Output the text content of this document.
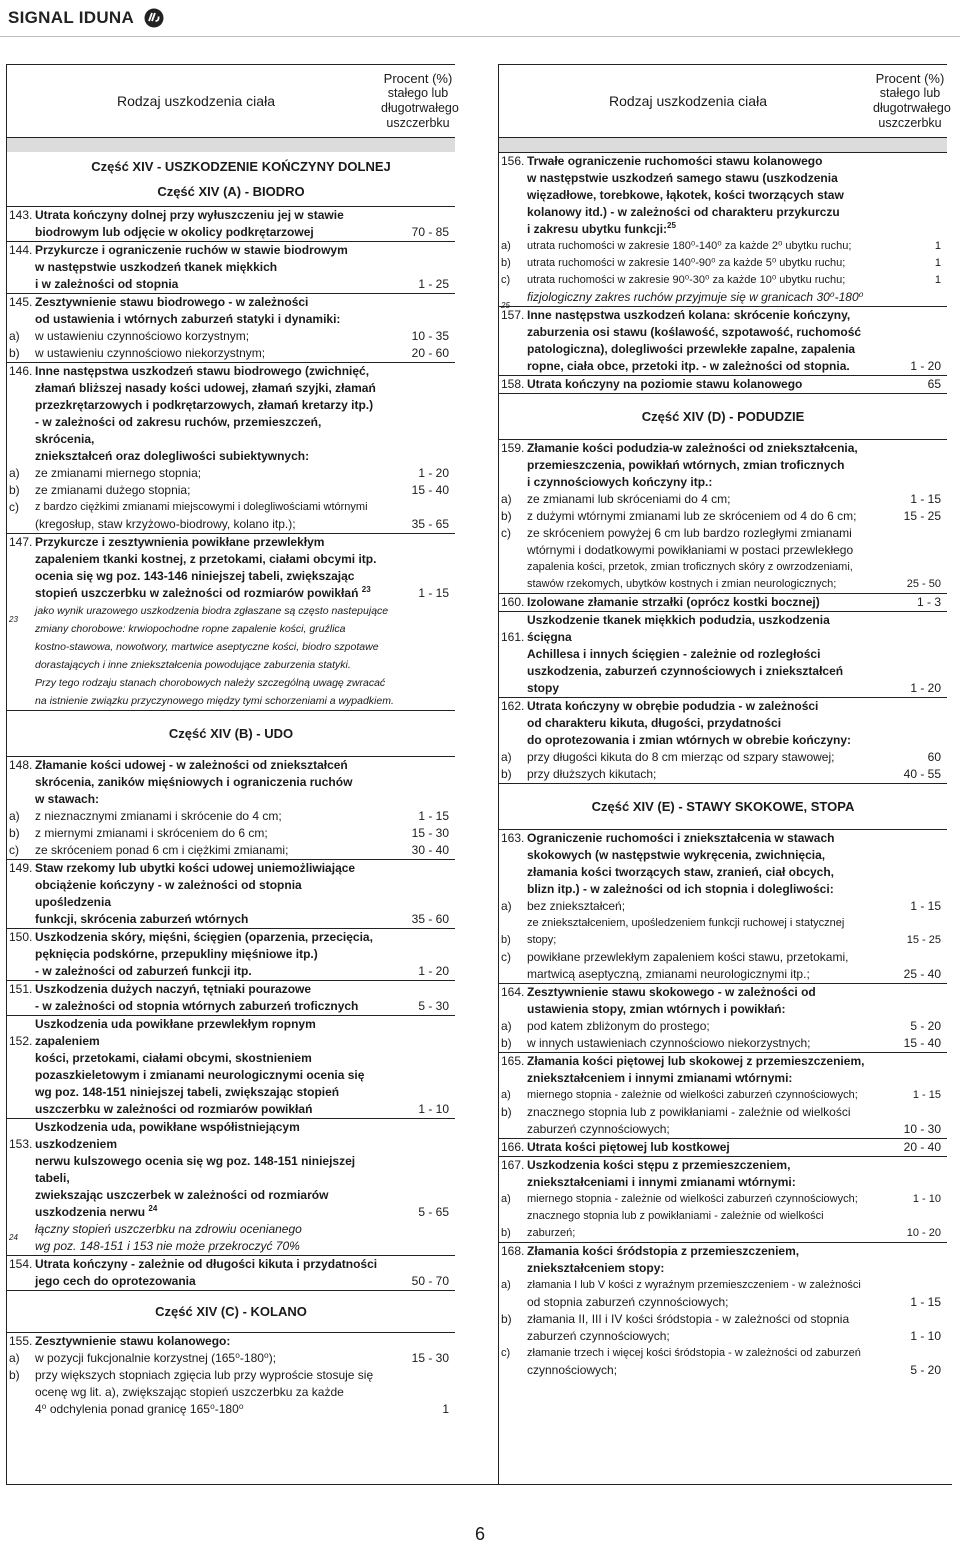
SIGNAL IDUNA
Rodzaj uszkodzenia ciała
Procent (%)
stałego lub
długotrwałego
uszczerbku
Część XIV - USZKODZENIE KOŃCZYNY DOLNEJ
Część XIV (A) - BIODRO
143. Utrata kończyny dolnej przy wyłuszczeniu jej w stawie
biodrowym lub odjęcie w okolicy podkrętarzowej	70 - 85
144. Przykurcze i ograniczenie ruchów w stawie biodrowym
w następstwie uszkodzeń tkanek miękkich
i w zależności od stopnia	1 - 25
145. Zesztywnienie stawu biodrowego - w zależności
od ustawienia i wtórnych zaburzeń statyki i dynamiki:
a)	w ustawieniu czynnościowo korzystnym;	10 - 35
b)	w ustawieniu czynnościowo niekorzystnym;	20 - 60
146. Inne następstwa uszkodzeń stawu biodrowego (zwichnięć,
złamań bliższej nasady kości udowej, złamań szyjki, złamań
przezkrętarzowych i podkrętarzowych, złamań kretarzy itp.)
- w zależności od zakresu ruchów, przemieszczeń, skrócenia,
zniekształceń oraz dolegliwości subiektywnych:
a)	ze zmianami miernego stopnia;	1 - 20
b)	ze zmianami dużego stopnia;	15 - 40
c)	z bardzo ciężkimi zmianami miejscowymi i dolegliwościami wtórnymi
(kregosłup, staw krzyżowo-biodrowy, kolano itp.);	35 - 65
147. Przykurcze i zesztywnienia powikłane przewlekłym
zapaleniem tkanki kostnej, z przetokami, ciałami obcymi itp.
ocenia się wg poz. 143-146 niniejszej tabeli, zwiększając
stopień uszczerbku w zależności od rozmiarów powikłań $^{23}$	1 - 15
23
jako wynik urazowego uszkodzenia biodra zgłaszane są często nastepujące
zmiany chorobowe: krwiopochodne ropne zapalenie kości, gruźlica
kostno-stawowa, nowotwory, martwice aseptyczne kości, biodro szpotawe
dorastających i inne zniekształcenia powodujące zaburzenia statyki.
Przy tego rodzaju stanach chorobowych należy szczególną uwagę zwracać
na istnienie związku przyczynowego między tymi schorzeniami a wypadkiem.
Część XIV (B) - UDO
148. Złamanie kości udowej - w zależności od zniekształceń
skrócenia, zaników mięśniowych i ograniczenia ruchów
w stawach:
a)	z nieznacznymi zmianami i skrócenie do 4 cm;	1 - 15
b)	z miernymi zmianami i skróceniem do 6 cm;	15 - 30
c)	ze skróceniem ponad 6 cm i ciężkimi zmianami;	30 - 40
149. Staw rzekomy lub ubytki kości udowej uniemożliwiające
obciążenie kończyny - w zależności od stopnia upośledzenia
funkcji, skrócenia zaburzeń wtórnych	35 - 60
150. Uszkodzenia skóry, mięśni, ścięgien (oparzenia, przecięcia,
pęknięcia podskórne, przepukliny mięśniowe itp.)
- w zależności od zaburzeń funkcji itp.	1 - 20
151. Uszkodzenia dużych naczyń, tętniaki pourazowe
- w zależności od stopnia wtórnych zaburzeń troficznych	5 - 30
152.
Uszkodzenia uda powikłane przewlekłym ropnym zapaleniem
kości, przetokami, ciałami obcymi, skostnieniem
pozaszkieletowym i zmianami neurologicznymi ocenia się
wg poz. 148-151 niniejszej tabeli, zwiększając stopień
uszczerbku w zależności od rozmiarów powikłań	1 - 10
153.
Uszkodzenia uda, powikłane współistniejącym uszkodzeniem
nerwu kulszowego ocenia się wg poz. 148-151 niniejszej tabeli,
zwiekszając uszczerbek w zależności od rozmiarów
uszkodzenia nerwu $^{24}$	5 - 65
24
łączny stopień uszczerbku na zdrowiu ocenianego
wg poz. 148-151 i 153 nie może przekroczyć 70%
154. Utrata kończyny - zależnie od długości kikuta i przydatności
jego cech do oprotezowania	50 - 70
Część XIV (C) - KOLANO
155. Zesztywnienie stawu kolanowego:
a)	w pozycji fukcjonalnie korzystnej (165⁰-180⁰);	15 - 30
b)	przy większych stopniach zgięcia lub przy wyproście stosuje się
ocenę wg lit. a), zwiększając stopień uszczerbku za każde
4⁰ odchylenia ponad granicę 165⁰-180⁰	1
Rodzaj uszkodzenia ciała
Procent (%)
stałego lub
długotrwałego
uszczerbku
156. Trwałe ograniczenie ruchomości stawu kolanowego
w następstwie uszkodzeń samego stawu (uszkodzenia
więzadłowe, torebkowe, łąkotek, kości tworzących staw
kolanowy itd.) - w zależności od charakteru przykurczu
i zakresu ubytku funkcji:$^{25}$
a)	utrata ruchomości w zakresie 180⁰-140⁰ za każde 2⁰ ubytku ruchu;	1
b)	utrata ruchomości w zakresie 140⁰-90⁰ za każde 5⁰ ubytku ruchu;	1
c)	utrata ruchomości w zakresie 90⁰-30⁰ za każde 10⁰ ubytku ruchu;	1
25
fizjologiczny zakres ruchów przyjmuje się w granicach 30⁰-180⁰
157. Inne następstwa uszkodzeń kolana: skrócenie kończyny,
zaburzenia osi stawu (koślawość, szpotawość, ruchomość
patologiczna), dolegliwości przewlekłe zapalne, zapalenia
ropne, ciała obce, przetoki itp. - w zależności od stopnia.	1 - 20
158. Utrata kończyny na poziomie stawu kolanowego	65
Część XIV (D) - PODUDZIE
159. Złamanie kości podudzia-w zależności od zniekształcenia,
przemieszczenia, powikłań wtórnych, zmian troficznych
i czynnościowych kończyny itp.:
a)	ze zmianami lub skróceniami do 4 cm;	1 - 15
b)	z dużymi wtórnymi zmianami lub ze skróceniem od 4 do 6 cm;	15 - 25
c)	ze skróceniem powyżej 6 cm lub bardzo rozległymi zmianami
wtórnymi i dodatkowymi powikłaniami w postaci przewlekłego
zapalenia kości, przetok, zmian troficznych skóry z owrzodzeniami,
stawów rzekomych, ubytków kostnych i zmian neurologicznych;	25 - 50
160. Izolowane złamanie strzałki (oprócz kostki bocznej)	1 - 3
161.
Uszkodzenie tkanek miękkich podudzia, uszkodzenia ścięgna
Achillesa i innych ścięgien - zależnie od rozległości
uszkodzenia, zaburzeń czynnościowych i zniekształceń stopy	1 - 20
162. Utrata kończyny w obrębie podudzia - w zależności
od charakteru kikuta, długości, przydatności
do oprotezowania i zmian wtórnych w obrebie kończyny:
a)	przy długości kikuta do 8 cm mierząc od szpary stawowej;	60
b)	przy dłuższych kikutach;	40 - 55
Część XIV (E) - STAWY SKOKOWE, STOPA
163. Ograniczenie ruchomości i zniekształcenia w stawach
skokowych (w następstwie wykręcenia, zwichnięcia,
złamania kości tworzących staw, zranień, ciał obcych,
blizn itp.) - w zależności od ich stopnia i dolegliwości:
a)	bez zniekształceń;	1 - 15
b)
ze zniekształceniem, upośledzeniem funkcji ruchowej i statycznej stopy;	15 - 25
c)	powikłane przewlekłym zapaleniem kości stawu, przetokami,
martwicą aseptyczną, zmianami neurologicznymi itp.;	25 - 40
164. Zesztywnienie stawu skokowego - w zależności od
ustawienia stopy, zmian wtórnych i powikłań:
a)	pod katem zbliżonym do prostego;	5 - 20
b)	w innych ustawieniach czynnościowo niekorzystnych;	15 - 40
165. Złamania kości piętowej lub skokowej z przemieszczeniem,
zniekształceniem i innymi zmianami wtórnymi:
a)	miernego stopnia - zależnie od wielkości zaburzeń czynnościowych;	1 - 15
b)	znacznego stopnia lub z powikłaniami - zależnie od wielkości
zaburzeń czynnościowych;	10 - 30
166. Utrata kości piętowej lub kostkowej	20 - 40
167. Uszkodzenia kości stępu z przemieszczeniem,
zniekształceniami i innymi zmianami wtórnymi:
a)	miernego stopnia - zależnie od wielkości zaburzeń czynnościowych;	1 - 10
b)
znacznego stopnia lub z powikłaniami - zależnie od wielkości zaburzeń;	10 - 20
168. Złamania kości śródstopia z przemieszczeniem,
zniekształceniem stopy:
a)	złamania I lub V kości z wyraźnym przemieszczeniem - w zależności
od stopnia zaburzeń czynnościowych;	1 - 15
b)	złamania II, III i IV kości śródstopia - w zależności od stopnia
zaburzeń czynnościowych;	1 - 10
c)	złamanie trzech i więcej kości śródstopia - w zależności od zaburzeń
czynnościowych;	5 - 20
6
